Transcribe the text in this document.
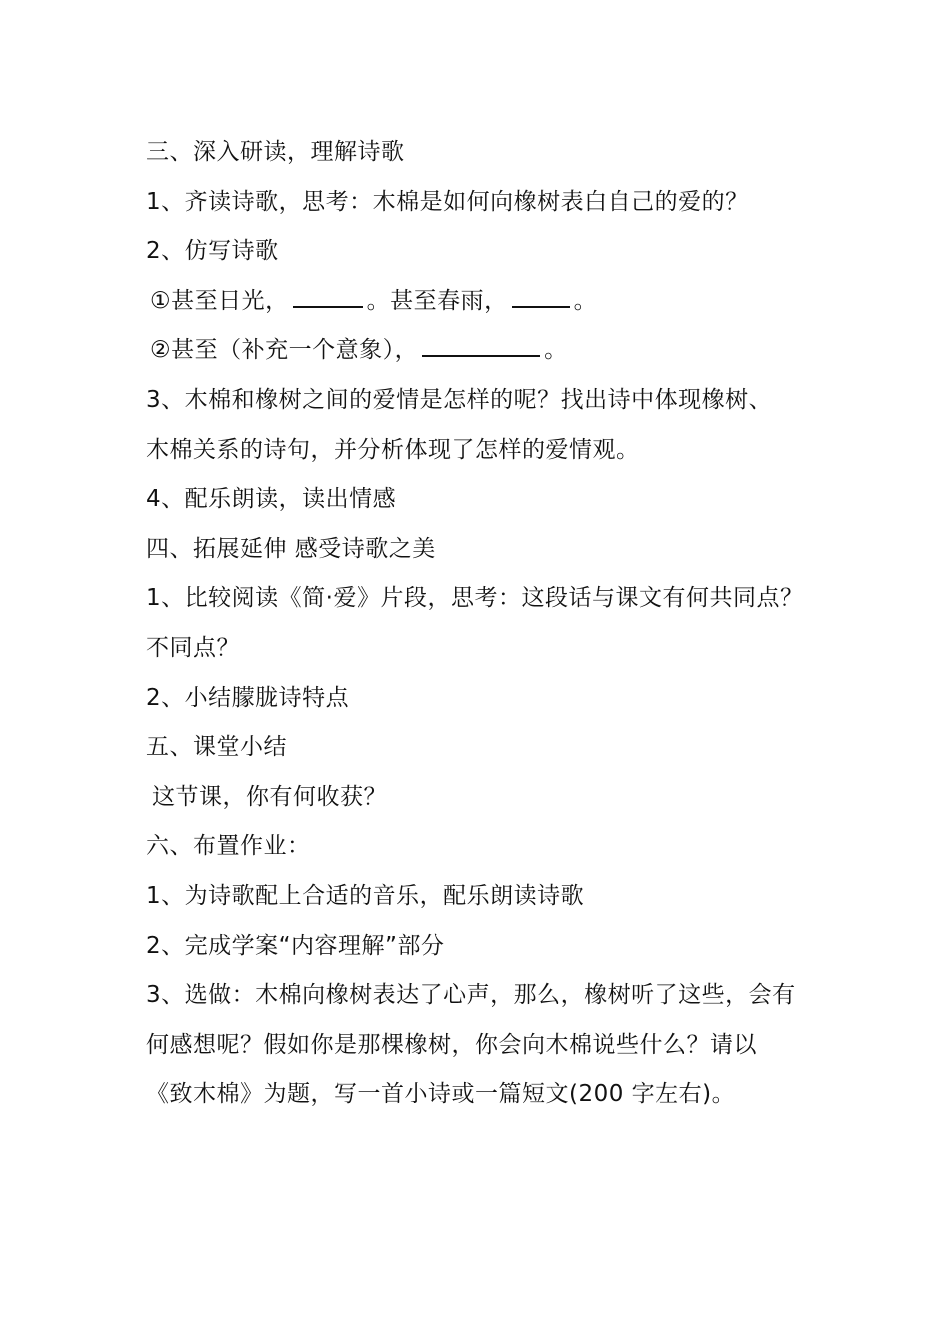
三、深入研读，理解诗歌
1、齐读诗歌，思考：木棉是如何向橡树表白自己的爱的？
2、仿写诗歌
①甚至日光，	。甚至春雨，	。
②甚至（补充一个意象），	。
3、木棉和橡树之间的爱情是怎样的呢？找出诗中体现橡树、
木棉关系的诗句，并分析体现了怎样的爱情观。
4、配乐朗读，读出情感
四、拓展延伸 感受诗歌之美
1、比较阅读《简·爱》片段，思考：这段话与课文有何共同点？
不同点？
2、小结朦胧诗特点
五、课堂小结
这节课，你有何收获？
六、布置作业：
1、为诗歌配上合适的音乐，配乐朗读诗歌
2、完成学案“内容理解”部分
3、选做：木棉向橡树表达了心声，那么，橡树听了这些，会有
何感想呢？假如你是那棵橡树，你会向木棉说些什么？请以
《致木棉》为题，写一首小诗或一篇短文(200 字左右)。
